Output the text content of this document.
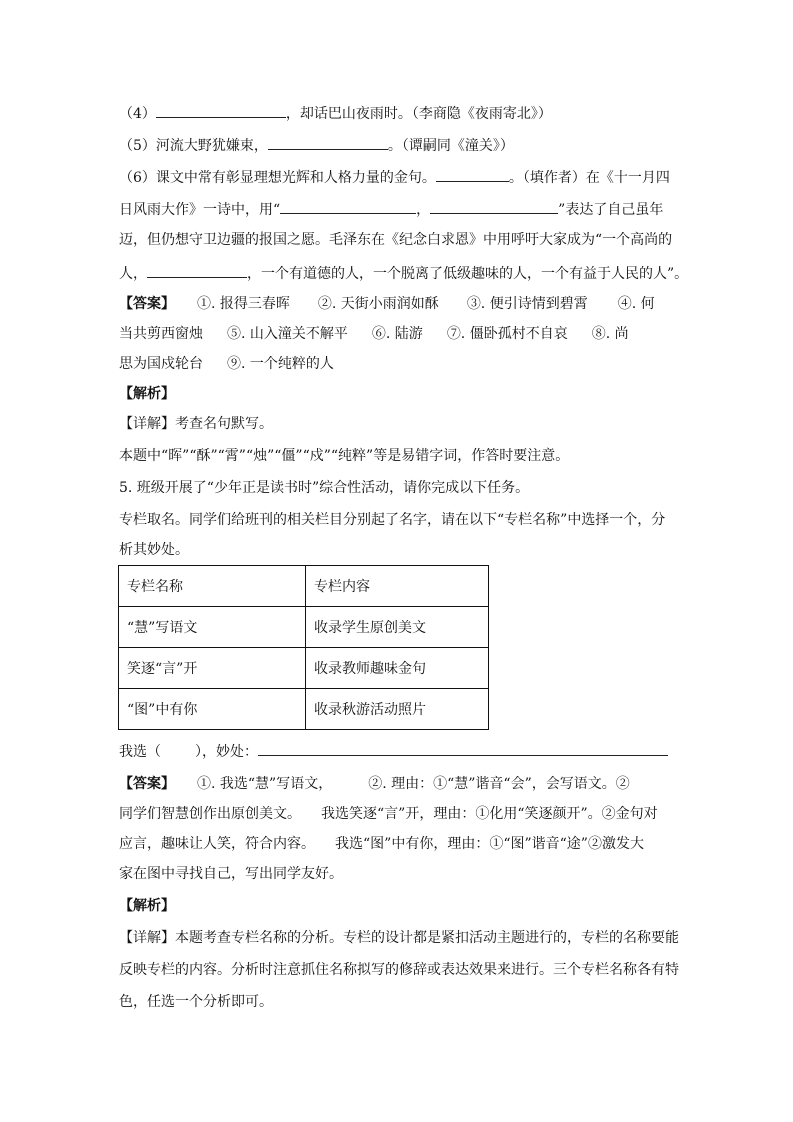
（4）	，却话巴山夜雨时。（李商隐《夜雨寄北》）
（5）河流大野犹嫌束，	。（谭嗣同《潼关》）
（6）课文中常有彰显理想光辉和人格力量的金句。	。（填作者）在《十一月四
日风雨大作》一诗中，用“	，	”表达了自己虽年
迈，但仍想守卫边疆的报国之愿。毛泽东在《纪念白求恩》中用呼吁大家成为“一个高尚的
人，	，一个有道德的人，一个脱离了低级趣味的人，一个有益于人民的人”。
【答案】 ①. 报得三春晖 ②. 天街小雨润如酥 ③. 便引诗情到碧霄 ④. 何
当共剪西窗烛 ⑤. 山入潼关不解平 ⑥. 陆游 ⑦. 僵卧孤村不自哀 ⑧. 尚
思为国戍轮台 ⑨. 一个纯粹的人
【解析】
【详解】考查名句默写。
本题中“晖”“酥”“霄”“烛”“僵”“戍”“纯粹”等是易错字词，作答时要注意。
5. 班级开展了“少年正是读书时”综合性活动，请你完成以下任务。
专栏取名。同学们给班刊的相关栏目分别起了名字，请在以下“专栏名称”中选择一个，分
析其妙处。
专栏名称	专栏内容
“慧”写语文	收录学生原创美文
笑逐“言”开	收录教师趣味金句
“图”中有你	收录秋游活动照片
我选（ ），妙处：
【答案】 ①. 我选“慧”写语文，	②. 理由：①“慧”谐音“会”，会写语文。②
同学们智慧创作出原创美文。 我选笑逐“言”开，理由：①化用“笑逐颜开”。②金句对
应言，趣味让人笑，符合内容。 我选“图”中有你，理由：①“图”谐音“途”②激发大
家在图中寻找自己，写出同学友好。
【解析】
【详解】本题考查专栏名称的分析。专栏的设计都是紧扣活动主题进行的，专栏的名称要能
反映专栏的内容。分析时注意抓住名称拟写的修辞或表达效果来进行。三个专栏名称各有特
色，任选一个分析即可。
